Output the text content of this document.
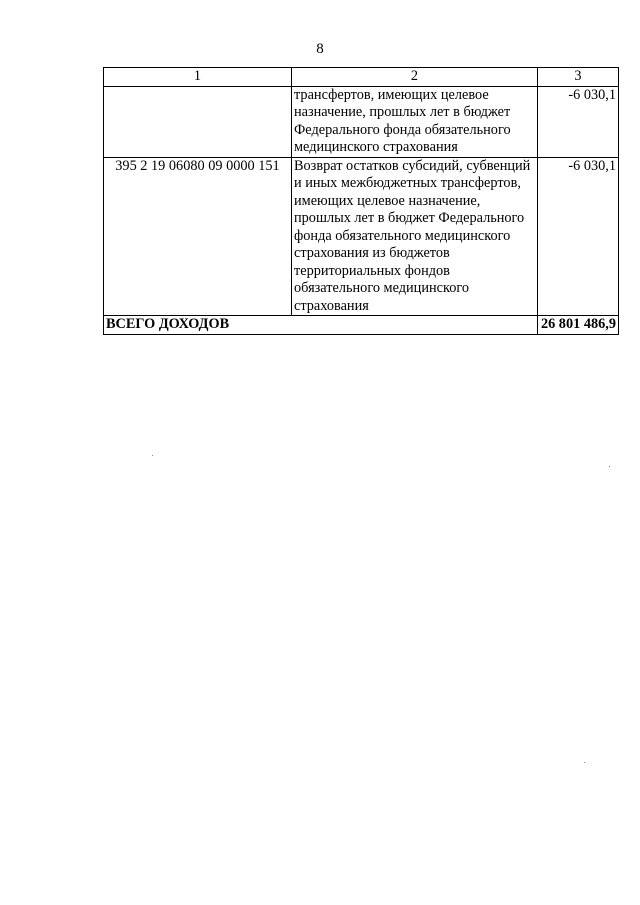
8
1	2	3
	трансфертов, имеющих целевое назначение, прошлых лет в бюджет Федерального фонда обязательного медицинского страхования	-6 030,1
395 2 19 06080 09 0000 151	Возврат остатков субсидий, субвенций и иных межбюджетных трансфертов, имеющих целевое назначение, прошлых лет в бюджет Федерального фонда обязательного медицинского страхования из бюджетов территориальных фондов обязательного медицинского страхования	-6 030,1
ВСЕГО ДОХОДОВ		26 801 486,9
